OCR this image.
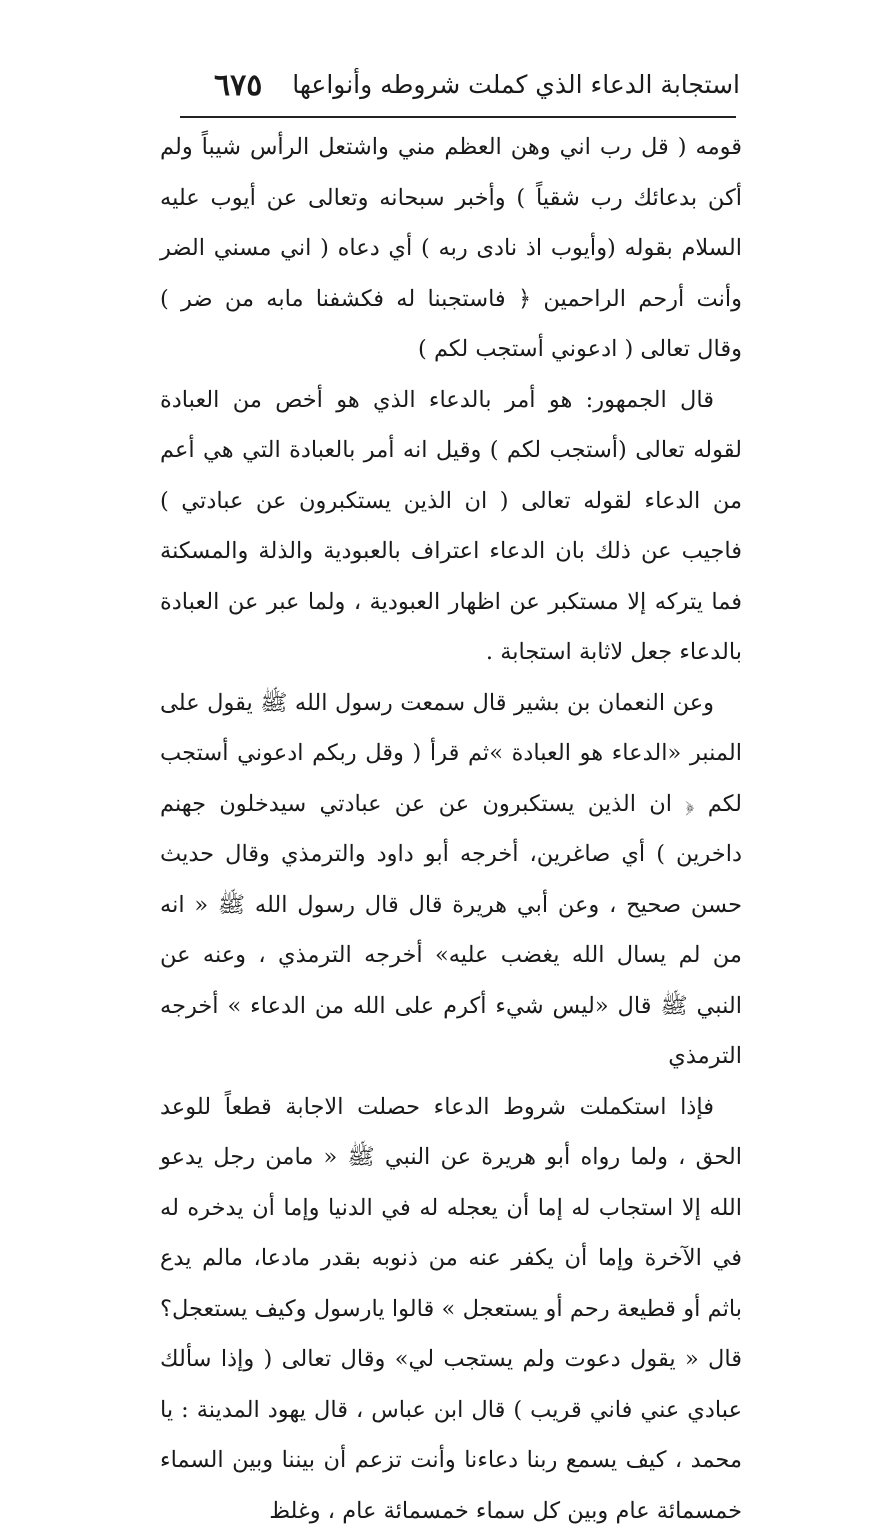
استجابة الدعاء الذي كملت شروطه وأنواعها
٦٧٥

قومه ( قل رب اني وهن العظم مني واشتعل الرأس شيباً ولم أكن بدعائك رب شقياً ) وأخبر سبحانه وتعالى عن أيوب عليه السلام بقوله (وأيوب اذ نادى ربه ) أي دعاه ( اني مسني الضر وأنت أرحم الراحمين ﴿ فاستجبنا له فكشفنا مابه من ضر ) وقال تعالى ( ادعوني أستجب لكم )

قال الجمهور: هو أمر بالدعاء الذي هو أخص من العبادة لقوله تعالى (أستجب لكم ) وقيل انه أمر بالعبادة التي هي أعم من الدعاء لقوله تعالى ( ان الذين يستكبرون عن عبادتي ) فاجيب عن ذلك بان الدعاء اعتراف بالعبودية والذلة والمسكنة فما يتركه إلا مستكبر عن اظهار العبودية ، ولما عبر عن العبادة بالدعاء جعل لاثابة استجابة .

وعن النعمان بن بشير قال سمعت رسول الله ﷺ يقول على المنبر «الدعاء هو العبادة »ثم قرأ ( وقل ربكم ادعوني أستجب لكم ﴿ ان الذين يستكبرون عن عن عبادتي سيدخلون جهنم داخرين ) أي صاغرين، أخرجه أبو داود والترمذي وقال حديث حسن صحيح ، وعن أبي هريرة قال قال رسول الله ﷺ « انه من لم يسال الله يغضب عليه» أخرجه الترمذي ، وعنه عن النبي ﷺ قال «ليس شيء أكرم على الله من الدعاء » أخرجه الترمذي

فإذا استكملت شروط الدعاء حصلت الاجابة قطعاً للوعد الحق ، ولما رواه أبو هريرة عن النبي ﷺ « مامن رجل يدعو الله إلا استجاب له إما أن يعجله له في الدنيا وإما أن يدخره له في الآخرة وإما أن يكفر عنه من ذنوبه بقدر مادعا، مالم يدع باثم أو قطيعة رحم أو يستعجل » قالوا يارسول وكيف يستعجل؟ قال « يقول دعوت ولم يستجب لي» وقال تعالى ( وإذا سألك عبادي عني فاني قريب ) قال ابن عباس ، قال يهود المدينة : يا محمد ، كيف يسمع ربنا دعاءنا وأنت تزعم أن بيننا وبين السماء خمسمائة عام وبين كل سماء خمسمائة عام ، وغلظ
